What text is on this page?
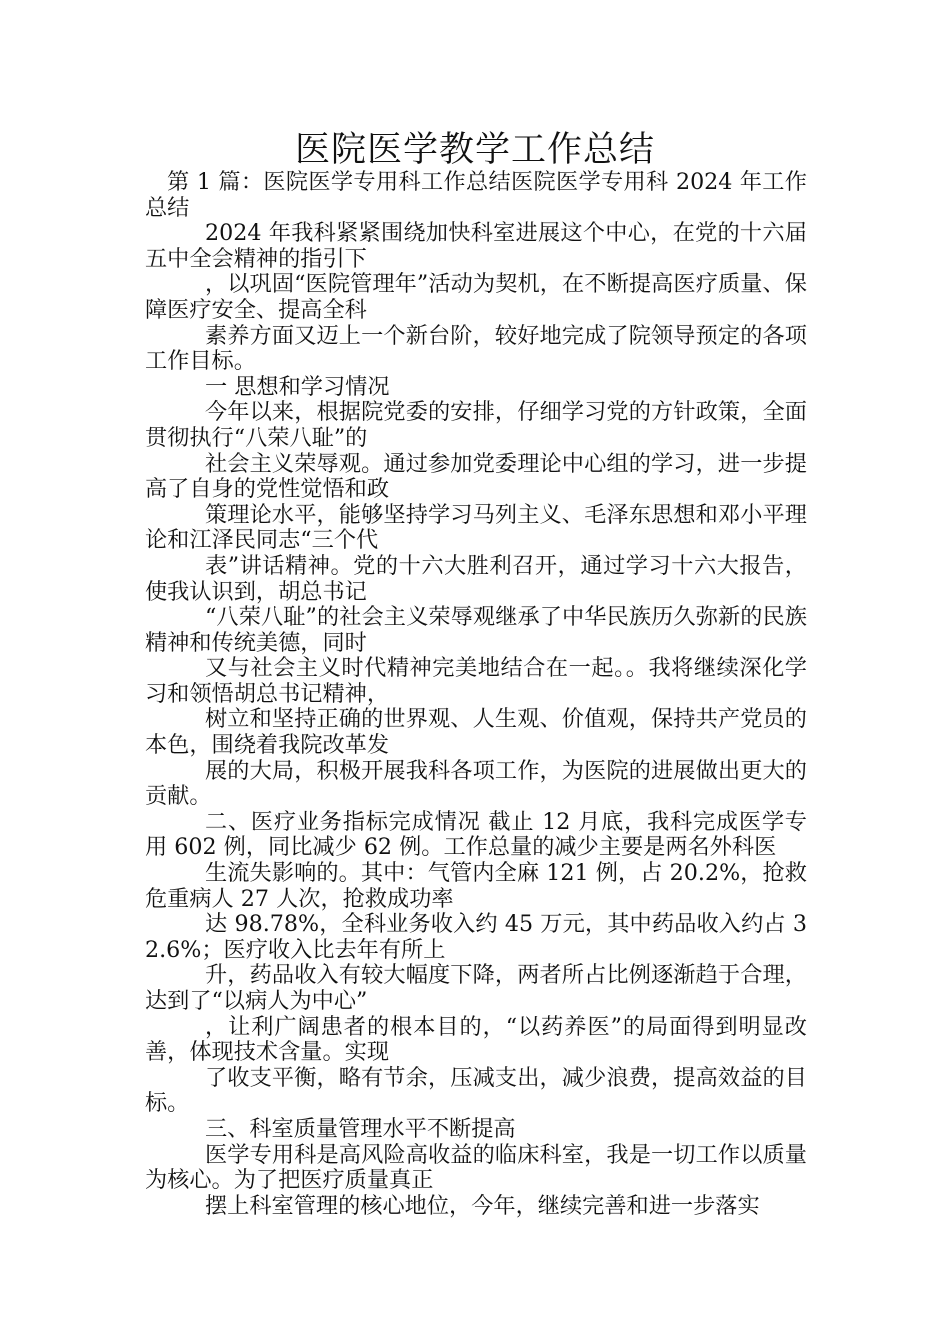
医院医学教学工作总结

第 1 篇：医院医学专用科工作总结医院医学专用科 2024 年工作总结

2024 年我科紧紧围绕加快科室进展这个中心，在党的十六届五中全会精神的指引下

，以巩固“医院管理年”活动为契机，在不断提高医疗质量、保障医疗安全、提高全科

素养方面又迈上一个新台阶，较好地完成了院领导预定的各项工作目标。

一 思想和学习情况

今年以来，根据院党委的安排，仔细学习党的方针政策，全面贯彻执行“八荣八耻”的

社会主义荣辱观。通过参加党委理论中心组的学习，进一步提高了自身的党性觉悟和政

策理论水平，能够坚持学习马列主义、毛泽东思想和邓小平理论和江泽民同志“三个代

表”讲话精神。党的十六大胜利召开，通过学习十六大报告，使我认识到，胡总书记

“八荣八耻”的社会主义荣辱观继承了中华民族历久弥新的民族精神和传统美德，同时

又与社会主义时代精神完美地结合在一起。。我将继续深化学习和领悟胡总书记精神，

树立和坚持正确的世界观、人生观、价值观，保持共产党员的本色，围绕着我院改革发

展的大局，积极开展我科各项工作，为医院的进展做出更大的贡献。

二、医疗业务指标完成情况 截止 12 月底，我科完成医学专用 602 例，同比减少 62 例。工作总量的减少主要是两名外科医

生流失影响的。其中：气管内全麻 121 例，占 20.2%，抢救危重病人 27 人次，抢救成功率

达 98.78%，全科业务收入约 45 万元，其中药品收入约占 32.6%；医疗收入比去年有所上

升，药品收入有较大幅度下降，两者所占比例逐渐趋于合理，达到了“以病人为中心”

，让利广阔患者的根本目的，“以药养医”的局面得到明显改善，体现技术含量。实现

了收支平衡，略有节余，压减支出，减少浪费，提高效益的目标。

三、科室质量管理水平不断提高

医学专用科是高风险高收益的临床科室，我是一切工作以质量为核心。为了把医疗质量真正

摆上科室管理的核心地位，今年，继续完善和进一步落实
